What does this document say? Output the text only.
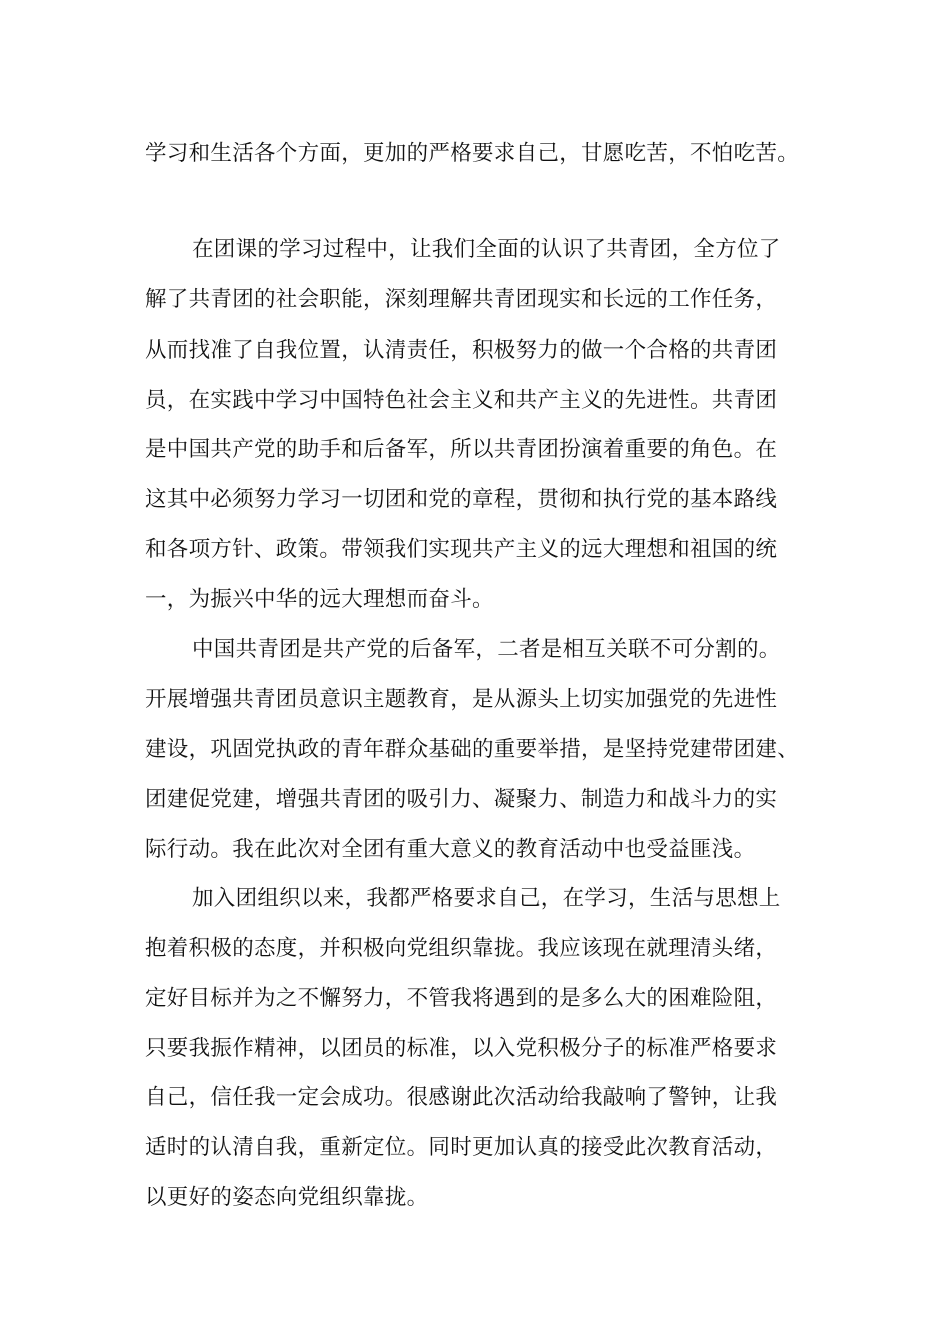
学习和生活各个方面，更加的严格要求自己，甘愿吃苦，不怕吃苦。
在团课的学习过程中，让我们全面的认识了共青团，全方位了
解了共青团的社会职能，深刻理解共青团现实和长远的工作任务，
从而找准了自我位置，认清责任，积极努力的做一个合格的共青团
员，在实践中学习中国特色社会主义和共产主义的先进性。共青团
是中国共产党的助手和后备军，所以共青团扮演着重要的角色。在
这其中必须努力学习一切团和党的章程，贯彻和执行党的基本路线
和各项方针、政策。带领我们实现共产主义的远大理想和祖国的统
一，为振兴中华的远大理想而奋斗。
中国共青团是共产党的后备军，二者是相互关联不可分割的。
开展增强共青团员意识主题教育，是从源头上切实加强党的先进性
建设，巩固党执政的青年群众基础的重要举措，是坚持党建带团建、
团建促党建，增强共青团的吸引力、凝聚力、制造力和战斗力的实
际行动。我在此次对全团有重大意义的教育活动中也受益匪浅。
加入团组织以来，我都严格要求自己，在学习，生活与思想上
抱着积极的态度，并积极向党组织靠拢。我应该现在就理清头绪，
定好目标并为之不懈努力，不管我将遇到的是多么大的困难险阻，
只要我振作精神，以团员的标准，以入党积极分子的标准严格要求
自己，信任我一定会成功。很感谢此次活动给我敲响了警钟，让我
适时的认清自我，重新定位。同时更加认真的接受此次教育活动，
以更好的姿态向党组织靠拢。
